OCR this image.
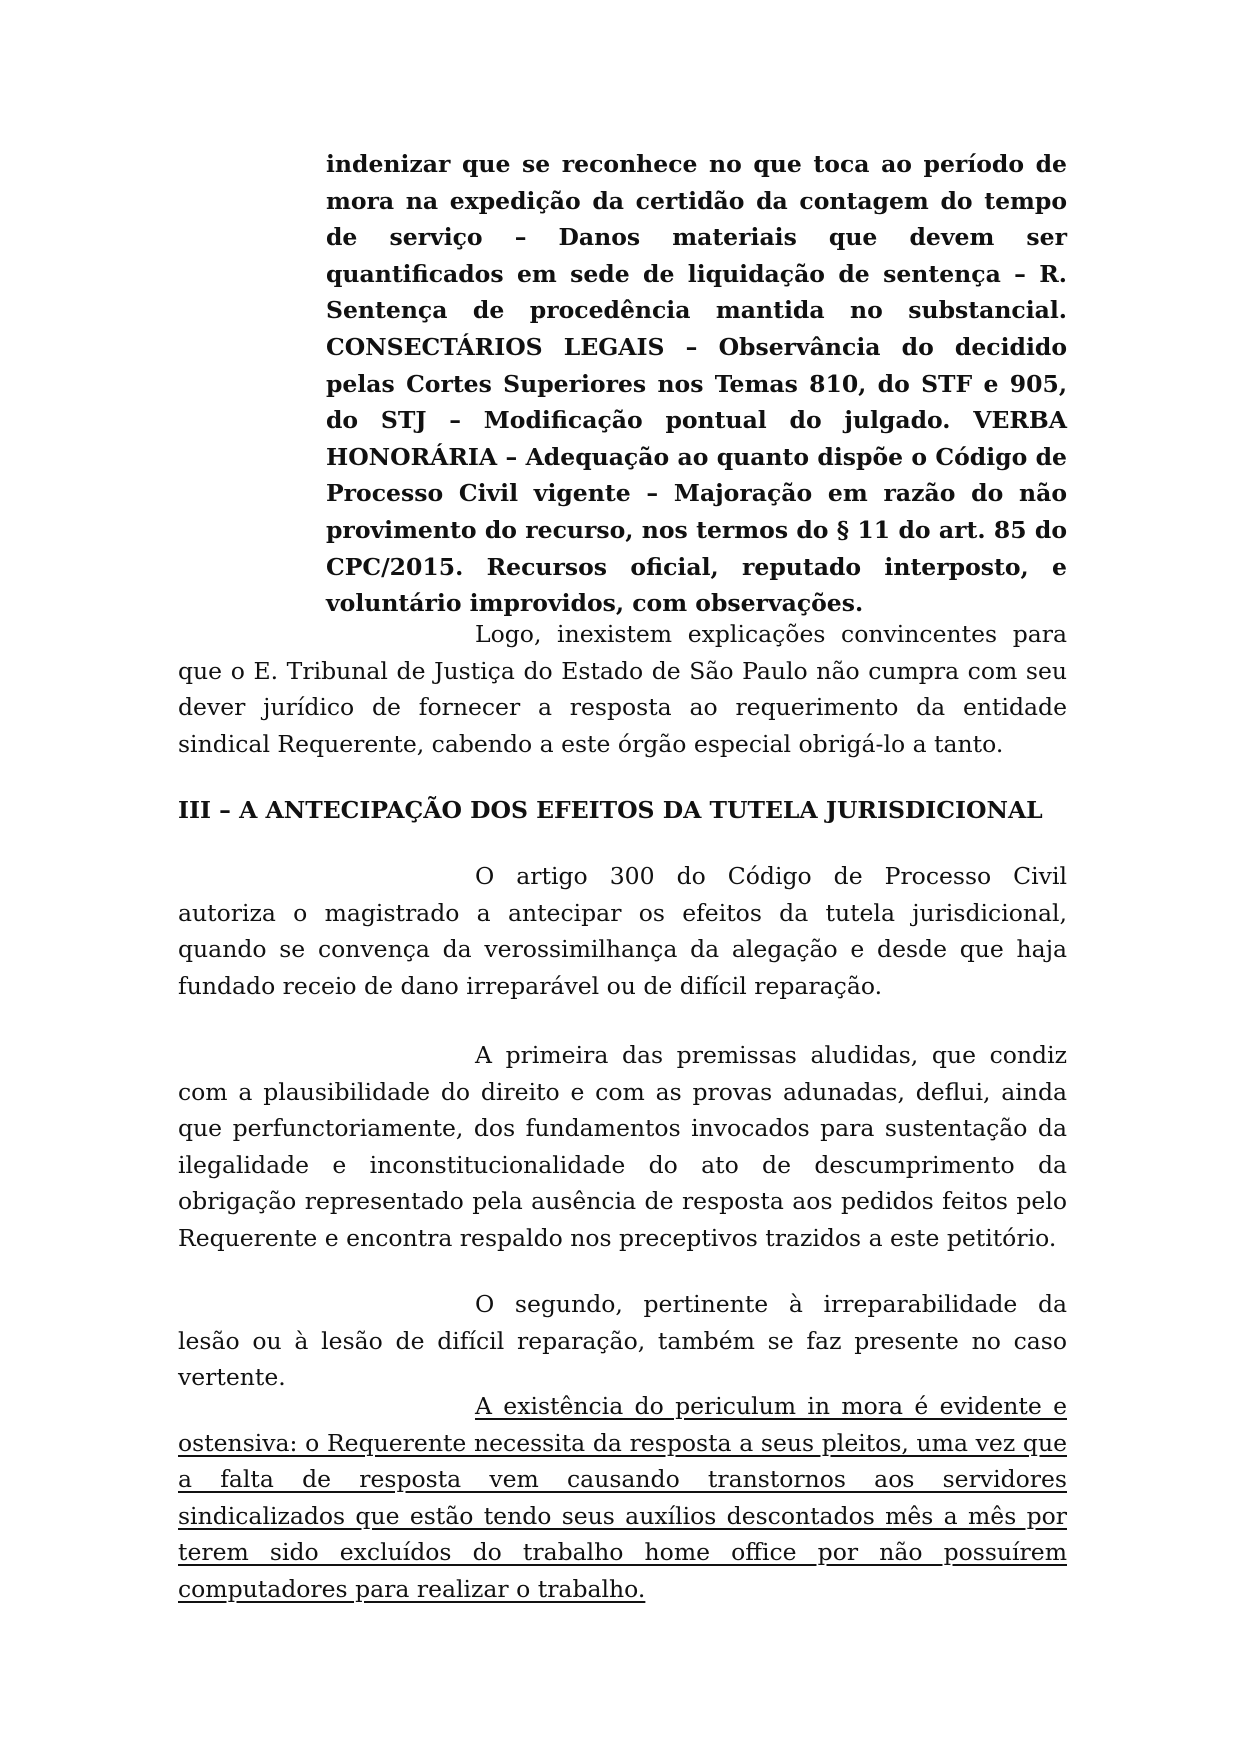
indenizar que se reconhece no que toca ao período de mora na expedição da certidão da contagem do tempo de serviço – Danos materiais que devem ser quantificados em sede de liquidação de sentença – R. Sentença de procedência mantida no substancial. CONSECTÁRIOS LEGAIS – Observância do decidido pelas Cortes Superiores nos Temas 810, do STF e 905, do STJ – Modificação pontual do julgado. VERBA HONORÁRIA – Adequação ao quanto dispõe o Código de Processo Civil vigente – Majoração em razão do não provimento do recurso, nos termos do § 11 do art. 85 do CPC/2015. Recursos oficial, reputado interposto, e voluntário improvidos, com observações.
Logo, inexistem explicações convincentes para que o E. Tribunal de Justiça do Estado de São Paulo não cumpra com seu dever jurídico de fornecer a resposta ao requerimento da entidade sindical Requerente, cabendo a este órgão especial obrigá-lo a tanto.
III – A ANTECIPAÇÃO DOS EFEITOS DA TUTELA JURISDICIONAL
O artigo 300 do Código de Processo Civil autoriza o magistrado a antecipar os efeitos da tutela jurisdicional, quando se convença da verossimilhança da alegação e desde que haja fundado receio de dano irreparável ou de difícil reparação.
A primeira das premissas aludidas, que condiz com a plausibilidade do direito e com as provas adunadas, deflui, ainda que perfunctoriamente, dos fundamentos invocados para sustentação da ilegalidade e inconstitucionalidade do ato de descumprimento da obrigação representado pela ausência de resposta aos pedidos feitos pelo Requerente e encontra respaldo nos preceptivos trazidos a este petitório.
O segundo, pertinente à irreparabilidade da lesão ou à lesão de difícil reparação, também se faz presente no caso vertente.
A existência do periculum in mora é evidente e ostensiva: o Requerente necessita da resposta a seus pleitos, uma vez que a falta de resposta vem causando transtornos aos servidores sindicalizados que estão tendo seus auxílios descontados mês a mês por terem sido excluídos do trabalho home office por não possuírem computadores para realizar o trabalho.
